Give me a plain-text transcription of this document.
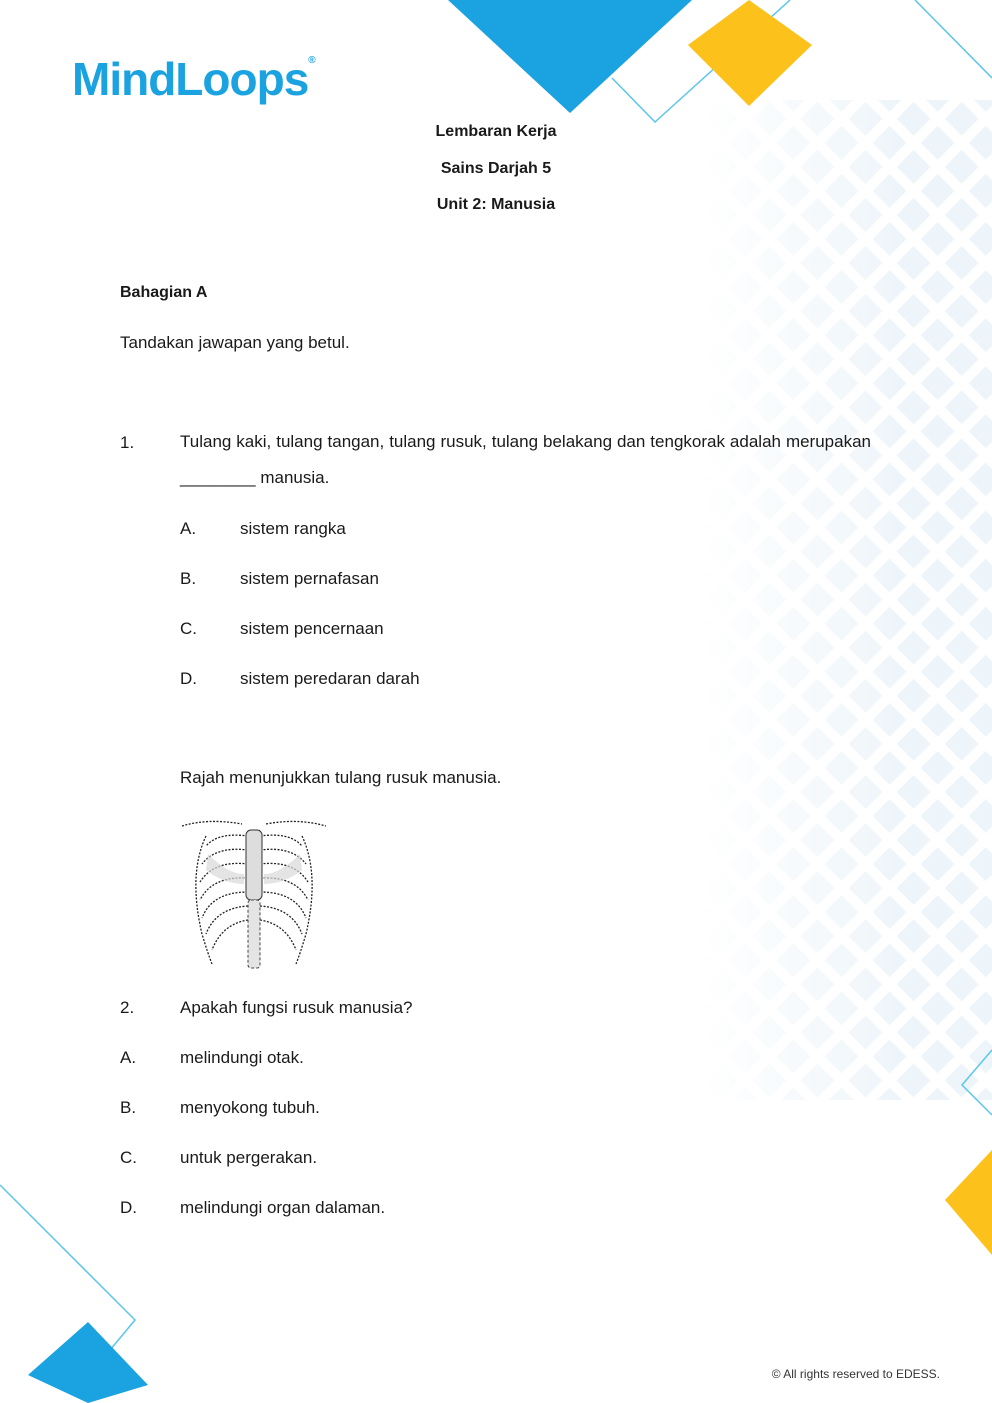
MindLoops®
Lembaran Kerja
Sains Darjah 5
Unit 2: Manusia
Bahagian A
Tandakan jawapan yang betul.
1.	Tulang kaki, tulang tangan, tulang rusuk, tulang belakang dan tengkorak adalah merupakan ________ manusia.
A.	sistem rangka
B.	sistem pernafasan
C.	sistem pencernaan
D.	sistem peredaran darah
Rajah menunjukkan tulang rusuk manusia.
2.	Apakah fungsi rusuk manusia?
A.	melindungi otak.
B.	menyokong tubuh.
C.	untuk pergerakan.
D.	melindungi organ dalaman.
© All rights reserved to EDESS.
